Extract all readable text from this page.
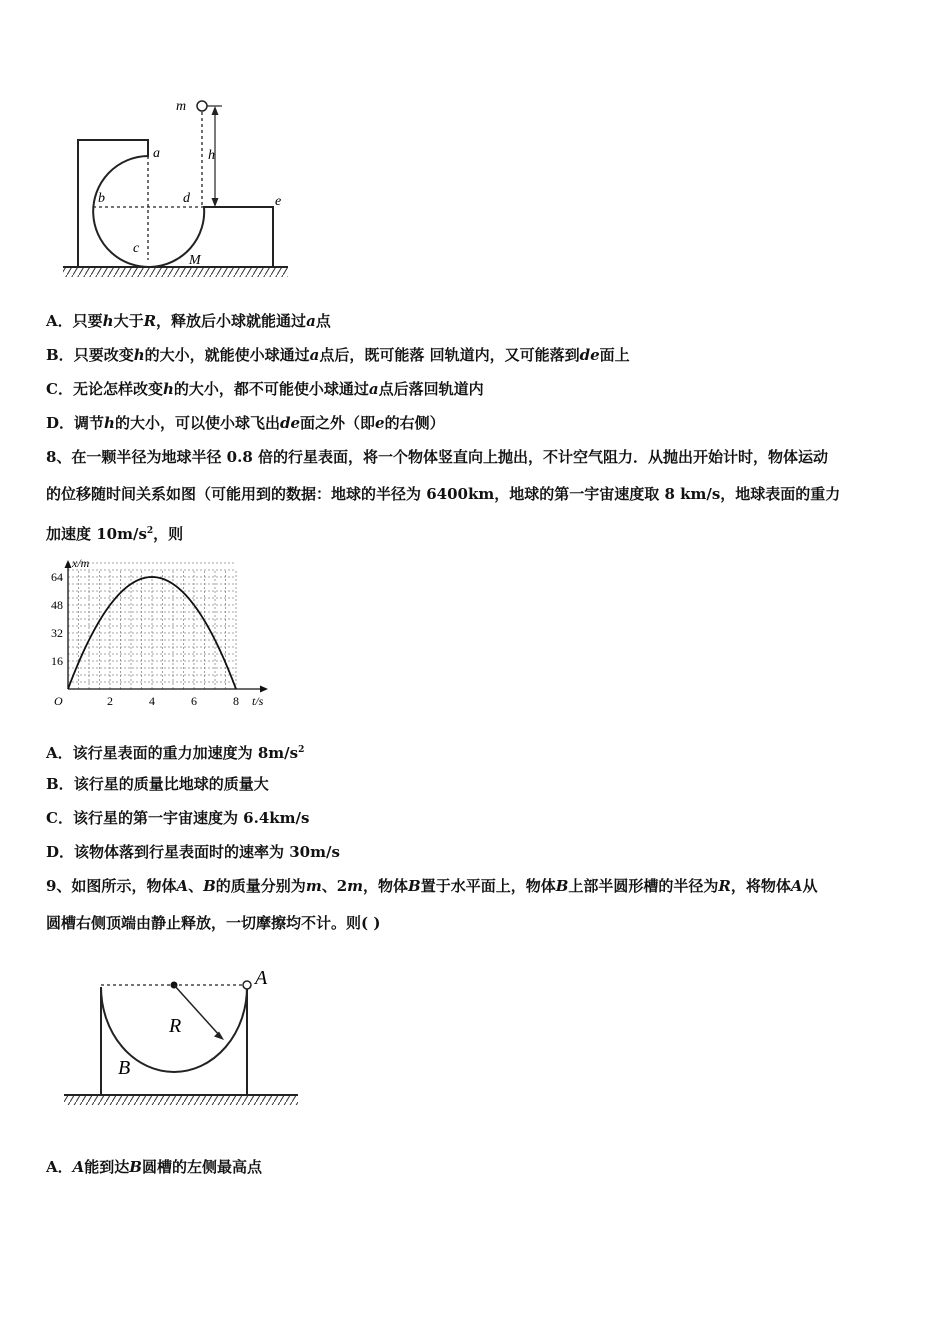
m
h
a
b
c
d	e
M
A．只要h大于R，释放后小球就能通过a点
B．只要改变h的大小，就能使小球通过a点后，既可能落 回轨道内，又可能落到de面上
C．无论怎样改变h的大小，都不可能使小球通过a点后落回轨道内
D．调节h的大小，可以使小球飞出de面之外（即e的右侧）
8、在一颗半径为地球半径 0.8 倍的行星表面，将一个物体竖直向上抛出，不计空气阻力．从抛出开始计时，物体运动
的位移随时间关系如图（可能用到的数据：地球的半径为 6400km，地球的第一宇宙速度取 8 km/s，地球表面的重力
加速度 $10m/s^2$，则
x/m
t/s
O	2	4	6	8
16
32
48
64
A．该行星表面的重力加速度为 $8m/s^2$
B．该行星的质量比地球的质量大
C．该行星的第一宇宙速度为 6.4km/s
D．该物体落到行星表面时的速率为 30m/s
9、如图所示，物体A、B的质量分别为m、2m，物体B置于水平面上，物体B上部半圆形槽的半径为R，将物体A从
圆槽右侧顶端由静止释放，一切摩擦均不计。则( )
A
R
B
A．A能到达B圆槽的左侧最高点
